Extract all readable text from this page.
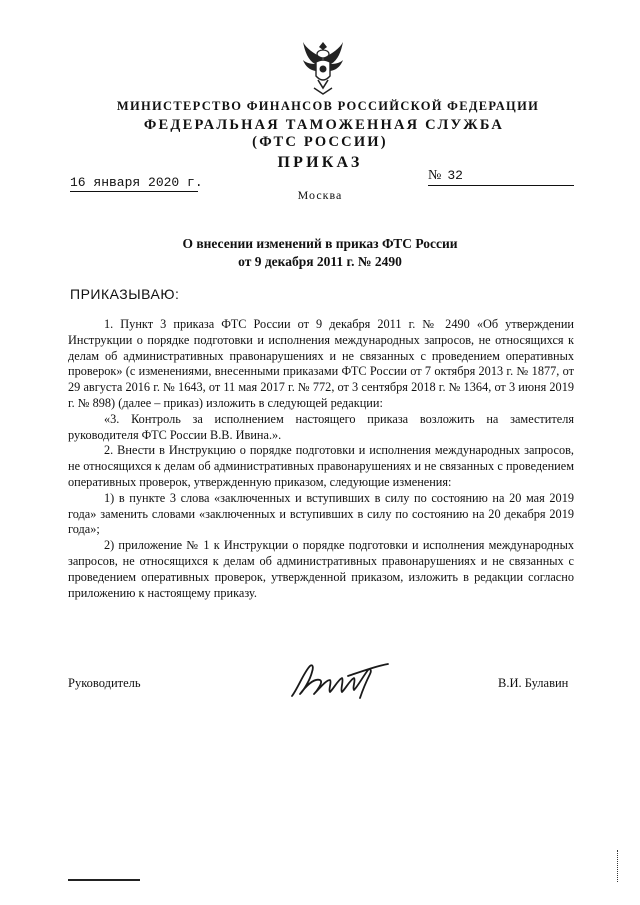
МИНИСТЕРСТВО ФИНАНСОВ РОССИЙСКОЙ ФЕДЕРАЦИИ
ФЕДЕРАЛЬНАЯ ТАМОЖЕННАЯ СЛУЖБА
(ФТС РОССИИ)
ПРИКАЗ
16 января 2020 г.	№ 32
Москва
О внесении изменений в приказ ФТС России
от 9 декабря 2011 г. № 2490
ПРИКАЗЫВАЮ:

1. Пункт 3 приказа ФТС России от 9 декабря 2011 г. № 2490 «Об утверждении Инструкции о порядке подготовки и исполнения международных запросов, не относящихся к делам об административных правонарушениях и не связанных с проведением оперативных проверок» (с изменениями, внесенными приказами ФТС России от 7 октября 2013 г. № 1877, от 29 августа 2016 г. № 1643, от 11 мая 2017 г. № 772, от 3 сентября 2018 г. № 1364, от 3 июня 2019 г. № 898) (далее – приказ) изложить в следующей редакции:

«3. Контроль за исполнением настоящего приказа возложить на заместителя руководителя ФТС России В.В. Ивина.».

2. Внести в Инструкцию о порядке подготовки и исполнения международных запросов, не относящихся к делам об административных правонарушениях и не связанных с проведением оперативных проверок, утвержденную приказом, следующие изменения:

1) в пункте 3 слова «заключенных и вступивших в силу по состоянию на 20 мая 2019 года» заменить словами «заключенных и вступивших в силу по состоянию на 20 декабря 2019 года»;

2) приложение № 1 к Инструкции о порядке подготовки и исполнения международных запросов, не относящихся к делам об административных правонарушениях и не связанных с проведением оперативных проверок, утвержденной приказом, изложить в редакции согласно приложению к настоящему приказу.

Руководитель	В.И. Булавин
